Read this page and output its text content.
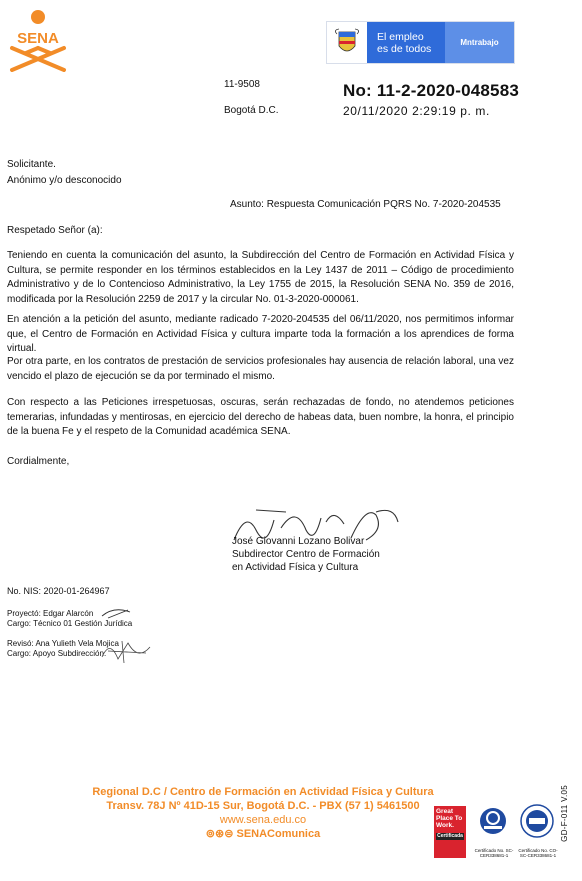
SENA	El empleo
es de todos	Mntrabajo
11-9508
Bogotá D.C.
No: 11-2-2020-048583
20/11/2020 2:29:19 p. m.
Solicitante.
Anónimo y/o desconocido
Asunto: Respuesta Comunicación PQRS No. 7-2020-204535
Respetado Señor (a):
Teniendo en cuenta la comunicación del asunto, la Subdirección del Centro de Formación en Actividad Física y Cultura, se permite responder en los términos establecidos en la Ley 1437 de 2011 – Código de procedimiento Administrativo y de lo Contencioso Administrativo, la Ley 1755 de 2015, la Resolución SENA No. 359 de 2016, modificada por la Resolución 2259 de 2017 y la circular No. 01-3-2020-000061.
En atención a la petición del asunto, mediante radicado 7-2020-204535 del 06/11/2020, nos permitimos informar que, el Centro de Formación en Actividad Física y cultura imparte toda la formación a los aprendices de forma virtual.
Por otra parte, en los contratos de prestación de servicios profesionales hay ausencia de relación laboral, una vez vencido el plazo de ejecución se da por terminado el mismo.
Con respecto a las Peticiones irrespetuosas, oscuras, serán rechazadas de fondo, no atendemos peticiones temerarias, infundadas y mentirosas, en ejercicio del derecho de habeas data, buen nombre, la honra, el principio de la buena Fe y el respeto de la Comunidad académica SENA.
Cordialmente,
José Giovanni Lozano Bolivar
Subdirector Centro de Formación
en Actividad Física y Cultura
No. NIS: 2020-01-264967
Proyectó: Edgar Alarcón
Cargo: Técnico 01 Gestión Jurídica
Revisó: Ana Yulieth Vela Mojica
Cargo: Apoyo Subdirección.
Regional D.C / Centro de Formación en Actividad Física y Cultura
Transv. 78J Nº 41D-15 Sur, Bogotá D.C. - PBX (57 1) 5461500
www.sena.edu.co
⊚⊛⊜ SENAComunica
Great Place To Work.
Certificada
Certificado No. SC-CER338681-1
Certificado No. CO-SC-CER338681-1
GD-F-011 V.05
